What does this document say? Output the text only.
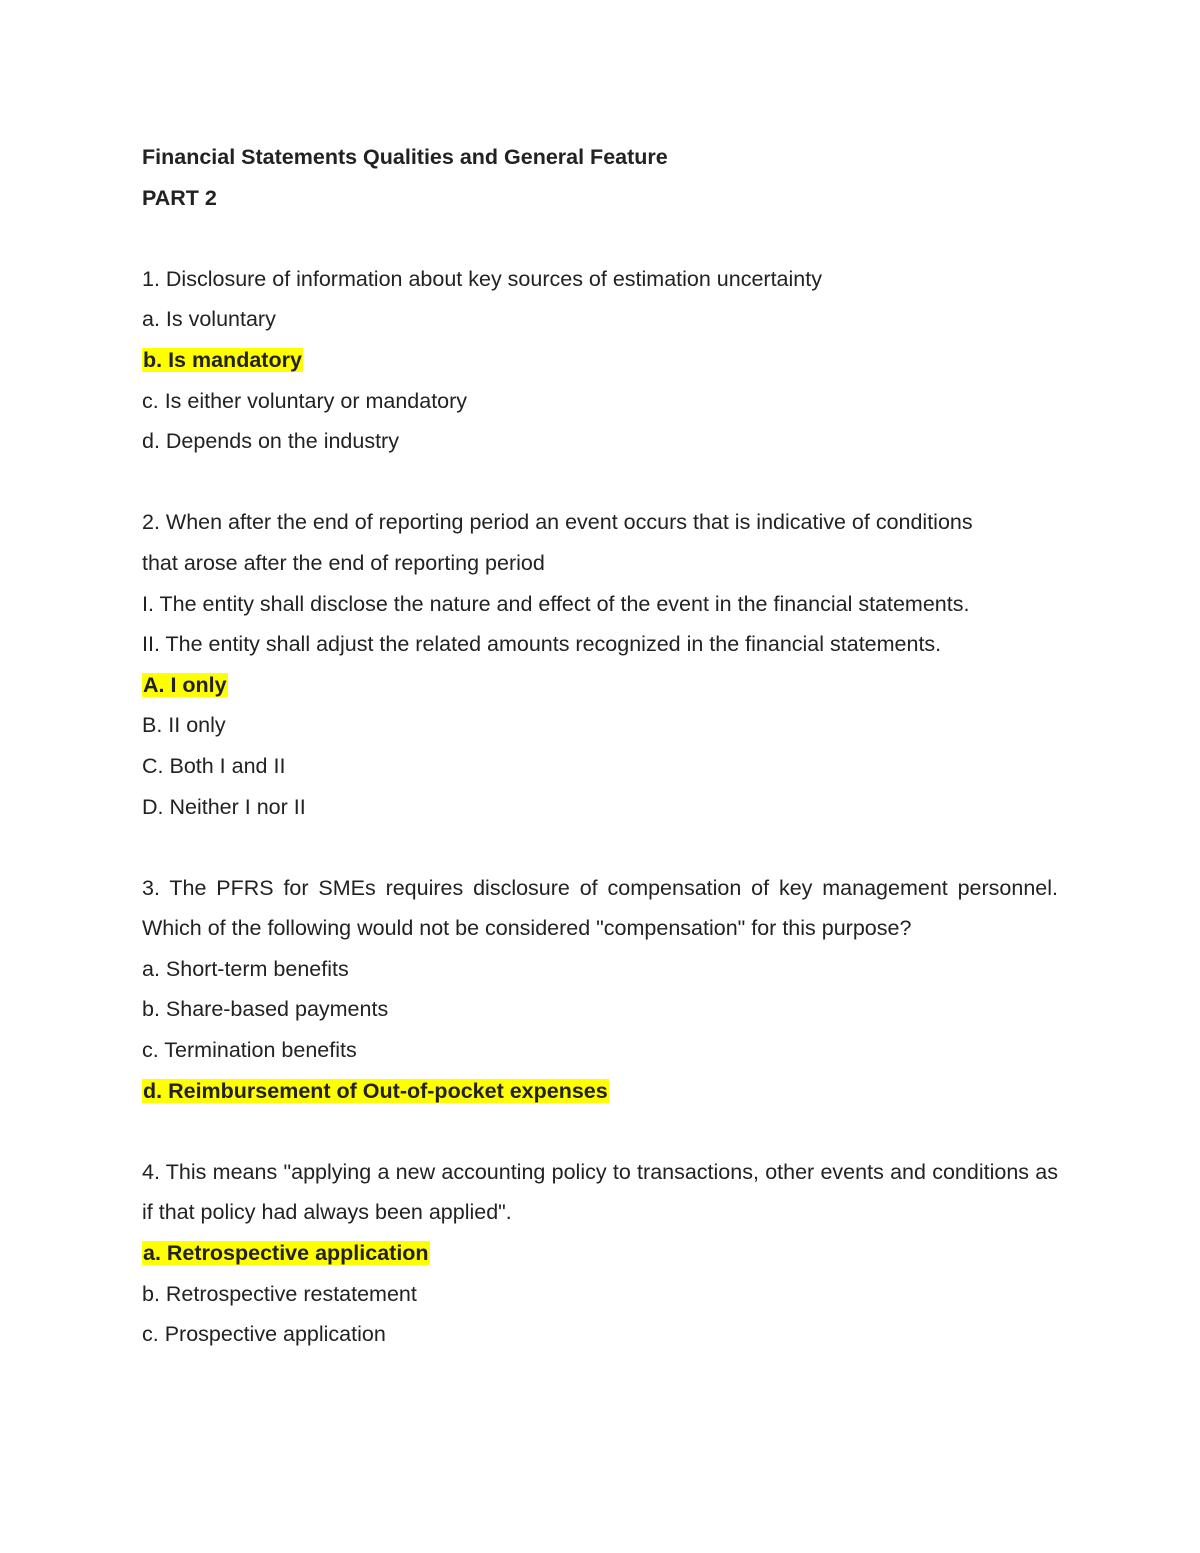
Financial Statements Qualities and General Feature
PART 2
1. Disclosure of information about key sources of estimation uncertainty
a. Is voluntary
b. Is mandatory
c. Is either voluntary or mandatory
d. Depends on the industry
2. When after the end of reporting period an event occurs that is indicative of conditions
that arose after the end of reporting period
I. The entity shall disclose the nature and effect of the event in the financial statements.
II. The entity shall adjust the related amounts recognized in the financial statements.
A. I only
B. II only
C. Both I and II
D. Neither I nor II
3. The PFRS for SMEs requires disclosure of compensation of key management personnel. Which of the following would not be considered "compensation" for this purpose?
a. Short-term benefits
b. Share-based payments
c. Termination benefits
d. Reimbursement of Out-of-pocket expenses
4. This means "applying a new accounting policy to transactions, other events and conditions as if that policy had always been applied".
a. Retrospective application
b. Retrospective restatement
c. Prospective application
